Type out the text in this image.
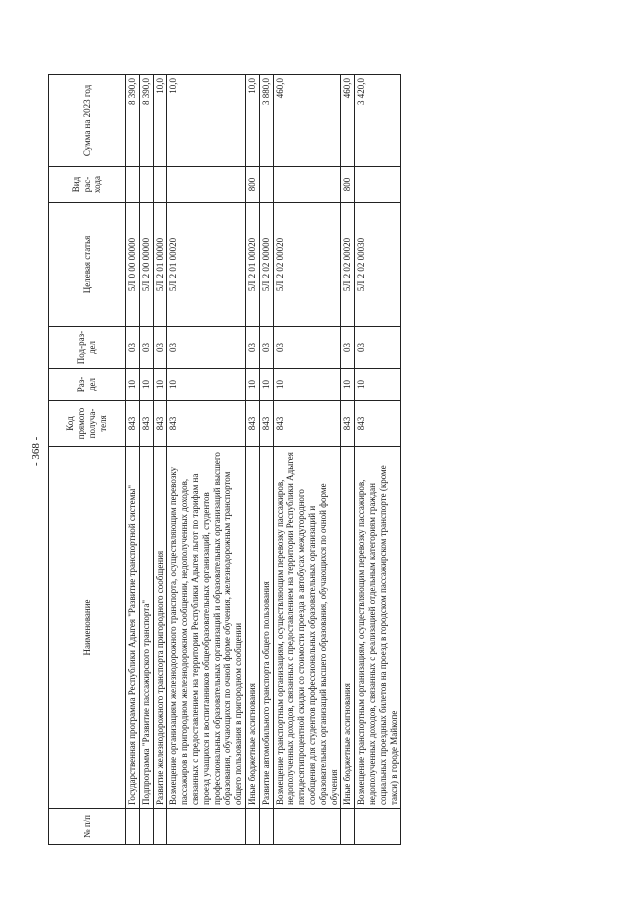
- 368 -
№ п/п	Наименование	Код прямого получа-теля	Раз-дел	Под-раз-дел	Целевая статья	Вид рас-хода	Сумма на 2023 год
	Государственная программа Республики Адыгея "Развитие транспортной системы"	843	10	03	5Л 0 00 00000		8 390,0
	Подпрограмма "Развитие пассажирского транспорта"	843	10	03	5Л 2 00 00000		8 390,0
	Развитие железнодорожного транспорта пригородного сообщения	843	10	03	5Л 2 01 00000		10,0
	Возмещение организациям железнодорожного транспорта, осуществляющим перевозку пассажиров в пригородном железнодорожном сообщении, недополученных доходов, связанных с предоставлением на территории Республики Адыгея льгот по тарифам на проезд учащихся и воспитанников общеобразовательных организаций, студентов профессиональных образовательных организаций и образовательных организаций высшего образования, обучающихся по очной форме обучения, железнодорожным транспортом общего пользования в пригородном сообщении	843	10	03	5Л 2 01 00020		10,0
	Иные бюджетные ассигнования	843	10	03	5Л 2 01 00020	800	10,0
	Развитие автомобильного транспорта общего пользования	843	10	03	5Л 2 02 00000		3 880,0
	Возмещение транспортным организациям, осуществляющим перевозку пассажиров, недополученных доходов, связанных с предоставлением на территории Республики Адыгея пятидесятипроцентной скидки со стоимости проезда в автобусах междугородного сообщения для студентов профессиональных образовательных организаций и образовательных организаций высшего образования, обучающихся по очной форме обучения	843	10	03	5Л 2 02 00020		460,0
	Иные бюджетные ассигнования	843	10	03	5Л 2 02 00020	800	460,0
	Возмещение транспортным организациям, осуществляющим перевозку пассажиров, недополученных доходов, связанных с реализацией отдельным категориям граждан социальных проездных билетов на проезд в городском пассажирском транспорте (кроме такси) в городе Майкопе	843	10	03	5Л 2 02 00030		3 420,0
